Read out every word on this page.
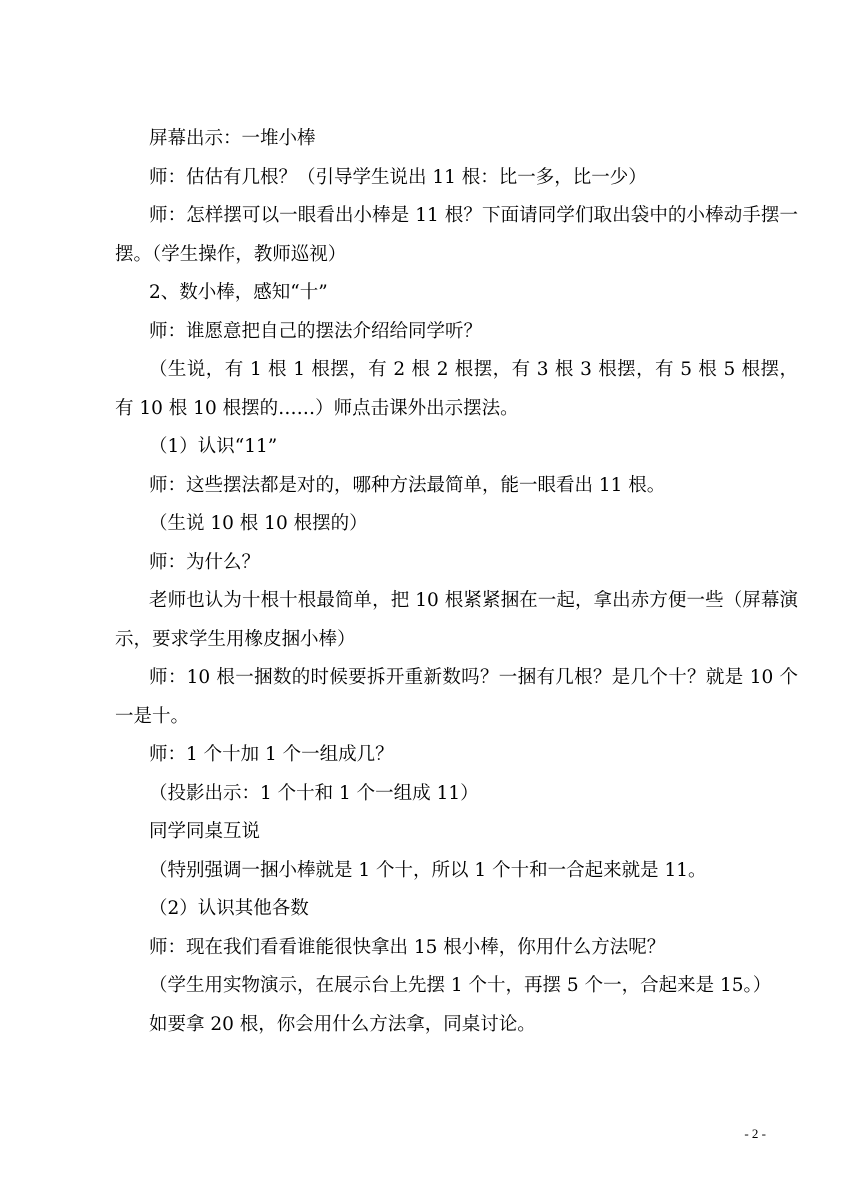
屏幕出示：一堆小棒

师：估估有几根？（引导学生说出 11 根：比一多，比一少）

师：怎样摆可以一眼看出小棒是 11 根？下面请同学们取出袋中的小棒动手摆一摆。（学生操作，教师巡视）

2、数小棒，感知“十”

师：谁愿意把自己的摆法介绍给同学听？

（生说，有 1 根 1 根摆，有 2 根 2 根摆，有 3 根 3 根摆，有 5 根 5 根摆，有 10 根 10 根摆的……）师点击课外出示摆法。

（1）认识“11”

师：这些摆法都是对的，哪种方法最简单，能一眼看出 11 根。

（生说 10 根 10 根摆的）

师：为什么？

老师也认为十根十根最简单，把 10 根紧紧捆在一起，拿出赤方便一些（屏幕演示，要求学生用橡皮捆小棒）

师：10 根一捆数的时候要拆开重新数吗？一捆有几根？是几个十？就是 10 个一是十。

师：1 个十加 1 个一组成几？

（投影出示：1 个十和 1 个一组成 11）

同学同桌互说

（特别强调一捆小棒就是 1 个十，所以 1 个十和一合起来就是 11。

（2）认识其他各数

师：现在我们看看谁能很快拿出 15 根小棒，你用什么方法呢？

（学生用实物演示，在展示台上先摆 1 个十，再摆 5 个一，合起来是 15。）

如要拿 20 根，你会用什么方法拿，同桌讨论。

- 2 -
